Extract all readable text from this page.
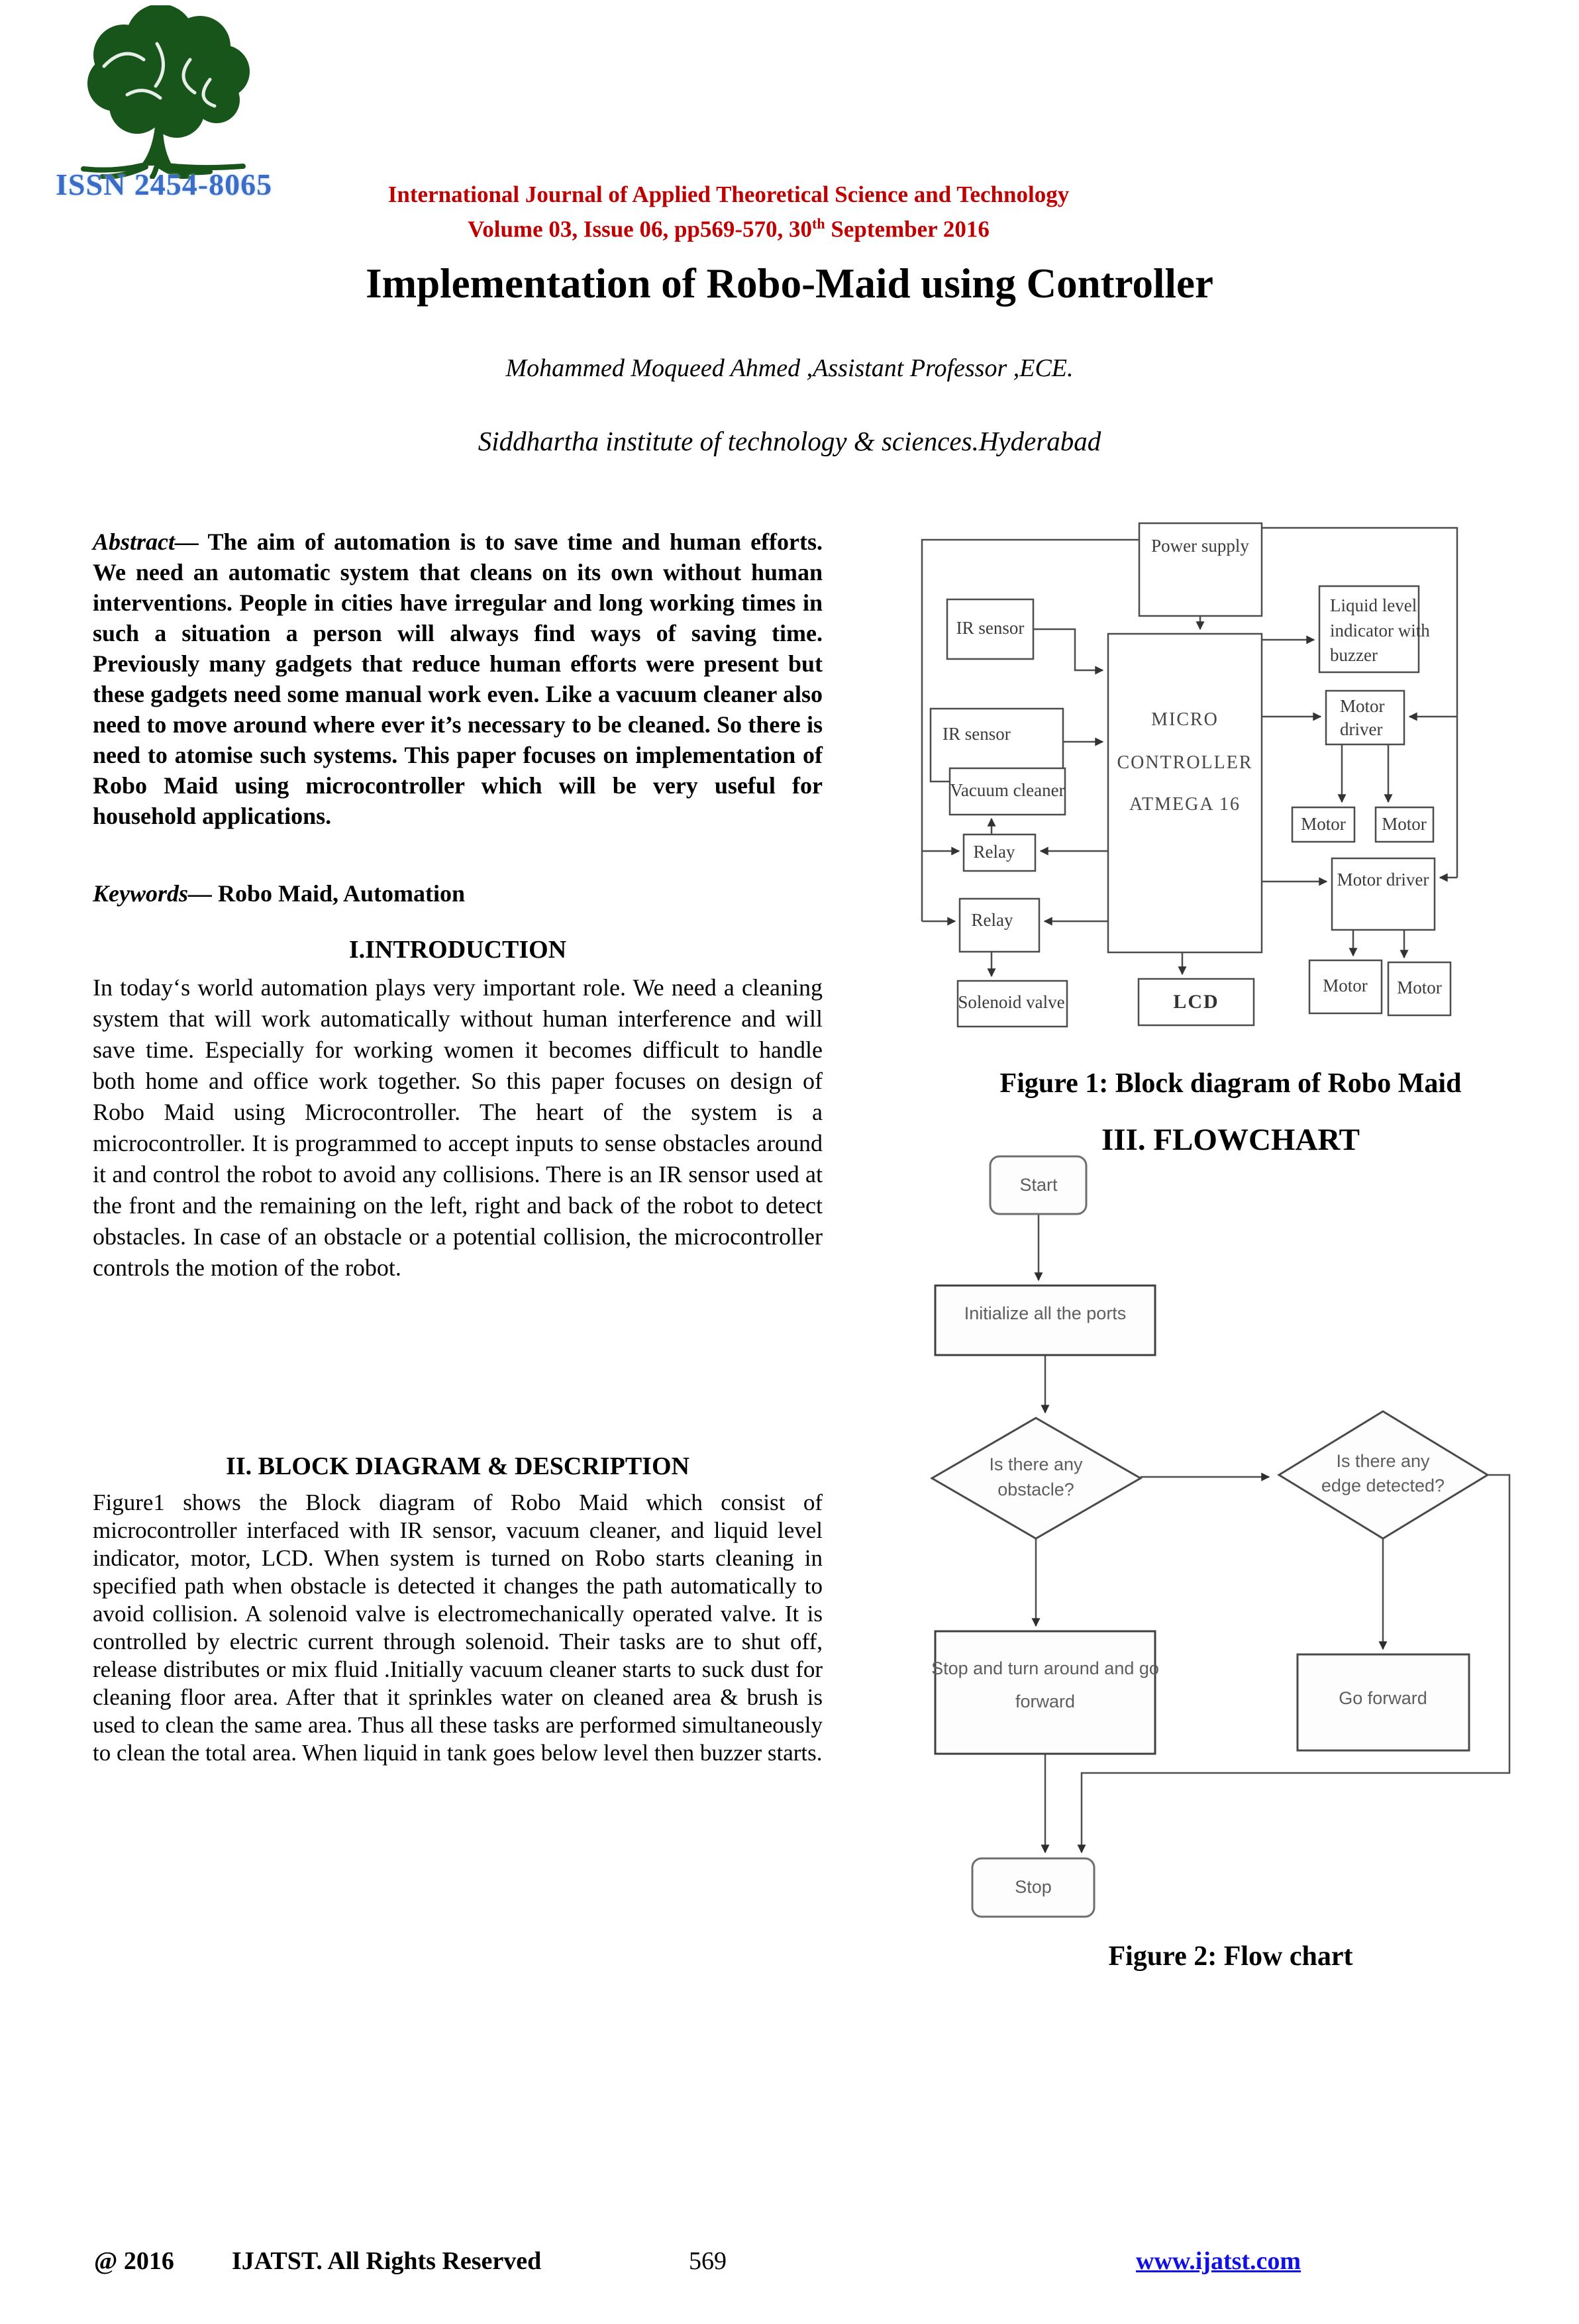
ISSN 2454-8065	International Journal of Applied Theoretical Science and Technology
Volume 03, Issue 06, pp569-570, 30th September 2016
Implementation of Robo-Maid using Controller
Mohammed Moqueed Ahmed ,Assistant Professor ,ECE.
Siddhartha institute of technology & sciences.Hyderabad

Abstract— The aim of automation is to save time and human efforts. We need an automatic system that cleans on its own without human interventions. People in cities have irregular and long working times in such a situation a person will always find ways of saving time. Previously many gadgets that reduce human efforts were present but these gadgets need some manual work even. Like a vacuum cleaner also need to move around where ever it’s necessary to be cleaned. So there is need to atomise such systems. This paper focuses on implementation of Robo Maid using microcontroller which will be very useful for household applications.

Keywords— Robo Maid, Automation

I.INTRODUCTION

In today‘s world automation plays very important role. We need a cleaning system that will work automatically without human interference and will save time. Especially for working women it becomes difficult to handle both home and office work together. So this paper focuses on design of Robo Maid using Microcontroller. The heart of the system is a microcontroller. It is programmed to accept inputs to sense obstacles around it and control the robot to avoid any collisions. There is an IR sensor used at the front and the remaining on the left, right and back of the robot to detect obstacles. In case of an obstacle or a potential collision, the microcontroller controls the motion of the robot.

II. BLOCK DIAGRAM & DESCRIPTION

Figure1 shows the Block diagram of Robo Maid which consist of microcontroller interfaced with IR sensor, vacuum cleaner, and liquid level indicator, motor, LCD. When system is turned on Robo starts cleaning in specified path when obstacle is detected it changes the path automatically to avoid collision. A solenoid valve is electromechanically operated valve. It is controlled by electric current through solenoid. Their tasks are to shut off, release distributes or mix fluid .Initially vacuum cleaner starts to suck dust for cleaning floor area. After that it sprinkles water on cleaned area & brush is used to clean the same area. Thus all these tasks are performed simultaneously to clean the total area. When liquid in tank goes below level then buzzer starts.

Power supply
MICRO
CONTROLLER
ATMEGA 16
IR sensor
Vacuum cleaner
Relay
Relay
Solenoid valve	LCD
Motor Motor
Motor driver
Motor Motor
IR sensor
Liquid level
indicator with
buzzer
Motor
driver
Figure 1: Block diagram of Robo Maid
III. FLOWCHART
Start
Initialize all the ports
Is there any
obstacle?
Is there any
edge detected?
Stop and turn around and go
forward	Go forward
Stop
Figure 2: Flow chart
@ 2016 IJATST. All Rights Reserved	569	www.ijatst.com
